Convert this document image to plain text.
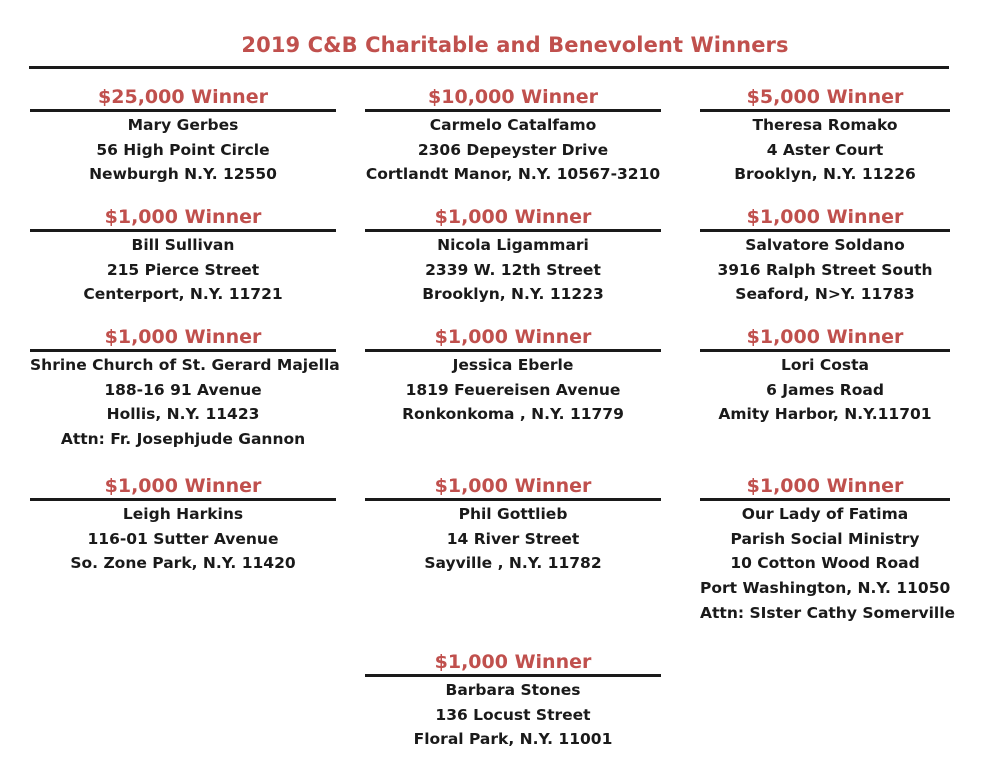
2019 C&B Charitable and Benevolent Winners
$25,000 Winner
Mary Gerbes
56 High Point Circle
Newburgh N.Y. 12550
$10,000 Winner
Carmelo Catalfamo
2306 Depeyster Drive
Cortlandt Manor, N.Y. 10567-3210
$5,000 Winner
Theresa Romako
4 Aster Court
Brooklyn, N.Y. 11226
$1,000 Winner
Bill Sullivan
215 Pierce Street
Centerport, N.Y. 11721
$1,000 Winner
Nicola Ligammari
2339 W. 12th Street
Brooklyn, N.Y. 11223
$1,000 Winner
Salvatore Soldano
3916 Ralph Street South
Seaford, N>Y. 11783
$1,000 Winner
Shrine Church of St. Gerard Majella
188-16 91 Avenue
Hollis, N.Y. 11423
Attn: Fr. Josephjude Gannon
$1,000 Winner
Jessica Eberle
1819 Feuereisen Avenue
Ronkonkoma , N.Y. 11779
$1,000 Winner
Lori Costa
6 James Road
Amity Harbor, N.Y.11701
$1,000 Winner
Leigh Harkins
116-01 Sutter Avenue
So. Zone Park, N.Y. 11420
$1,000 Winner
Phil Gottlieb
14 River Street
Sayville , N.Y. 11782
$1,000 Winner
Our Lady of Fatima
Parish Social Ministry
10 Cotton Wood Road
Port Washington, N.Y. 11050
Attn: SIster Cathy Somerville
$1,000 Winner
Barbara Stones
136 Locust Street
Floral Park, N.Y. 11001
